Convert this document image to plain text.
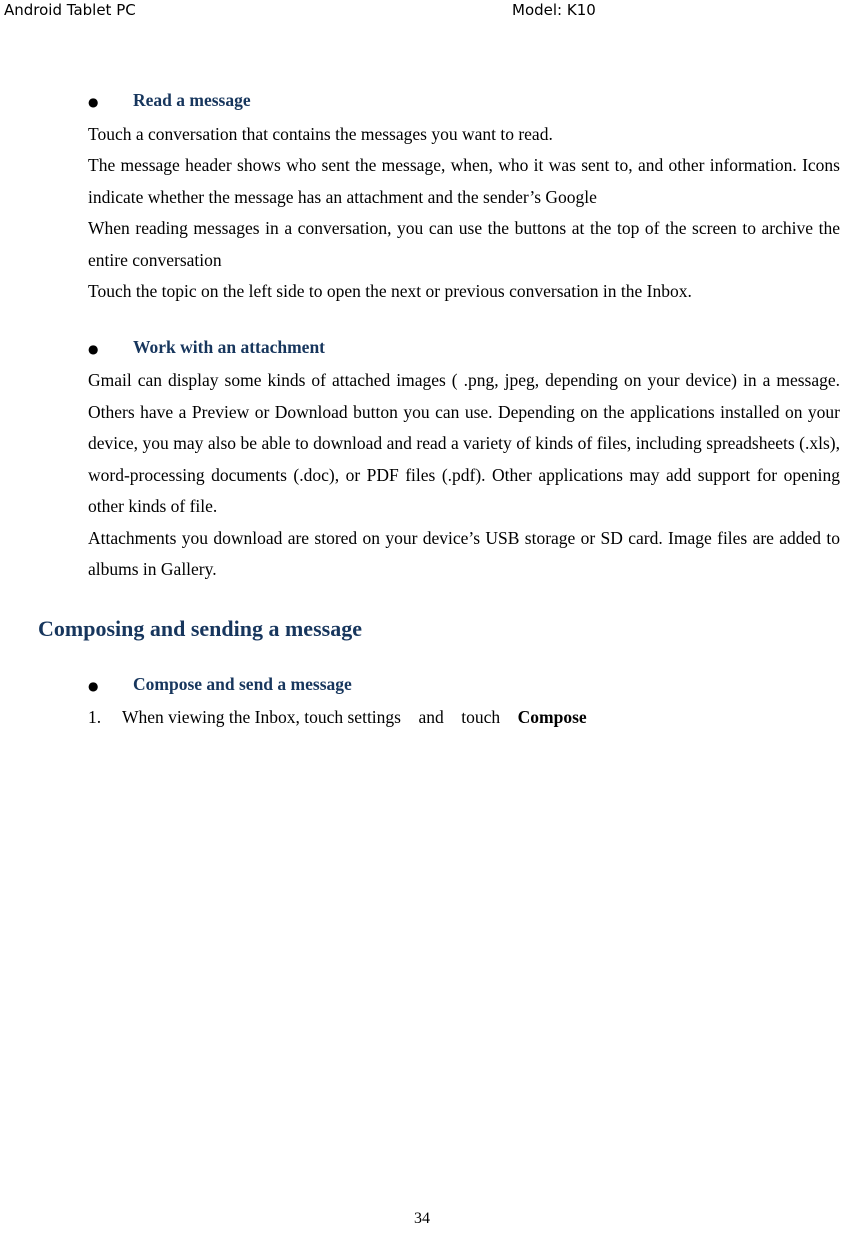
Android Tablet PC	Model: K10
●	Read a message

Touch a conversation that contains the messages you want to read.

The message header shows who sent the message, when, who it was sent to, and other information. Icons indicate whether the message has an attachment and the sender’s Google

When reading messages in a conversation, you can use the buttons at the top of the screen to archive the entire conversation

Touch the topic on the left side to open the next or previous conversation in the Inbox.

●	Work with an attachment

Gmail can display some kinds of attached images ( .png, jpeg, depending on your device) in a message. Others have a Preview or Download button you can use. Depending on the applications installed on your device, you may also be able to download and read a variety of kinds of files, including spreadsheets (.xls), word-processing documents (.doc), or PDF files (.pdf). Other applications may add support for opening other kinds of file.

Attachments you download are stored on your device’s USB storage or SD card. Image files are added to albums in Gallery.

Composing and sending a message
●	Compose and send a message
1.	When viewing the Inbox, touch settings    and    touch    Compose
34
